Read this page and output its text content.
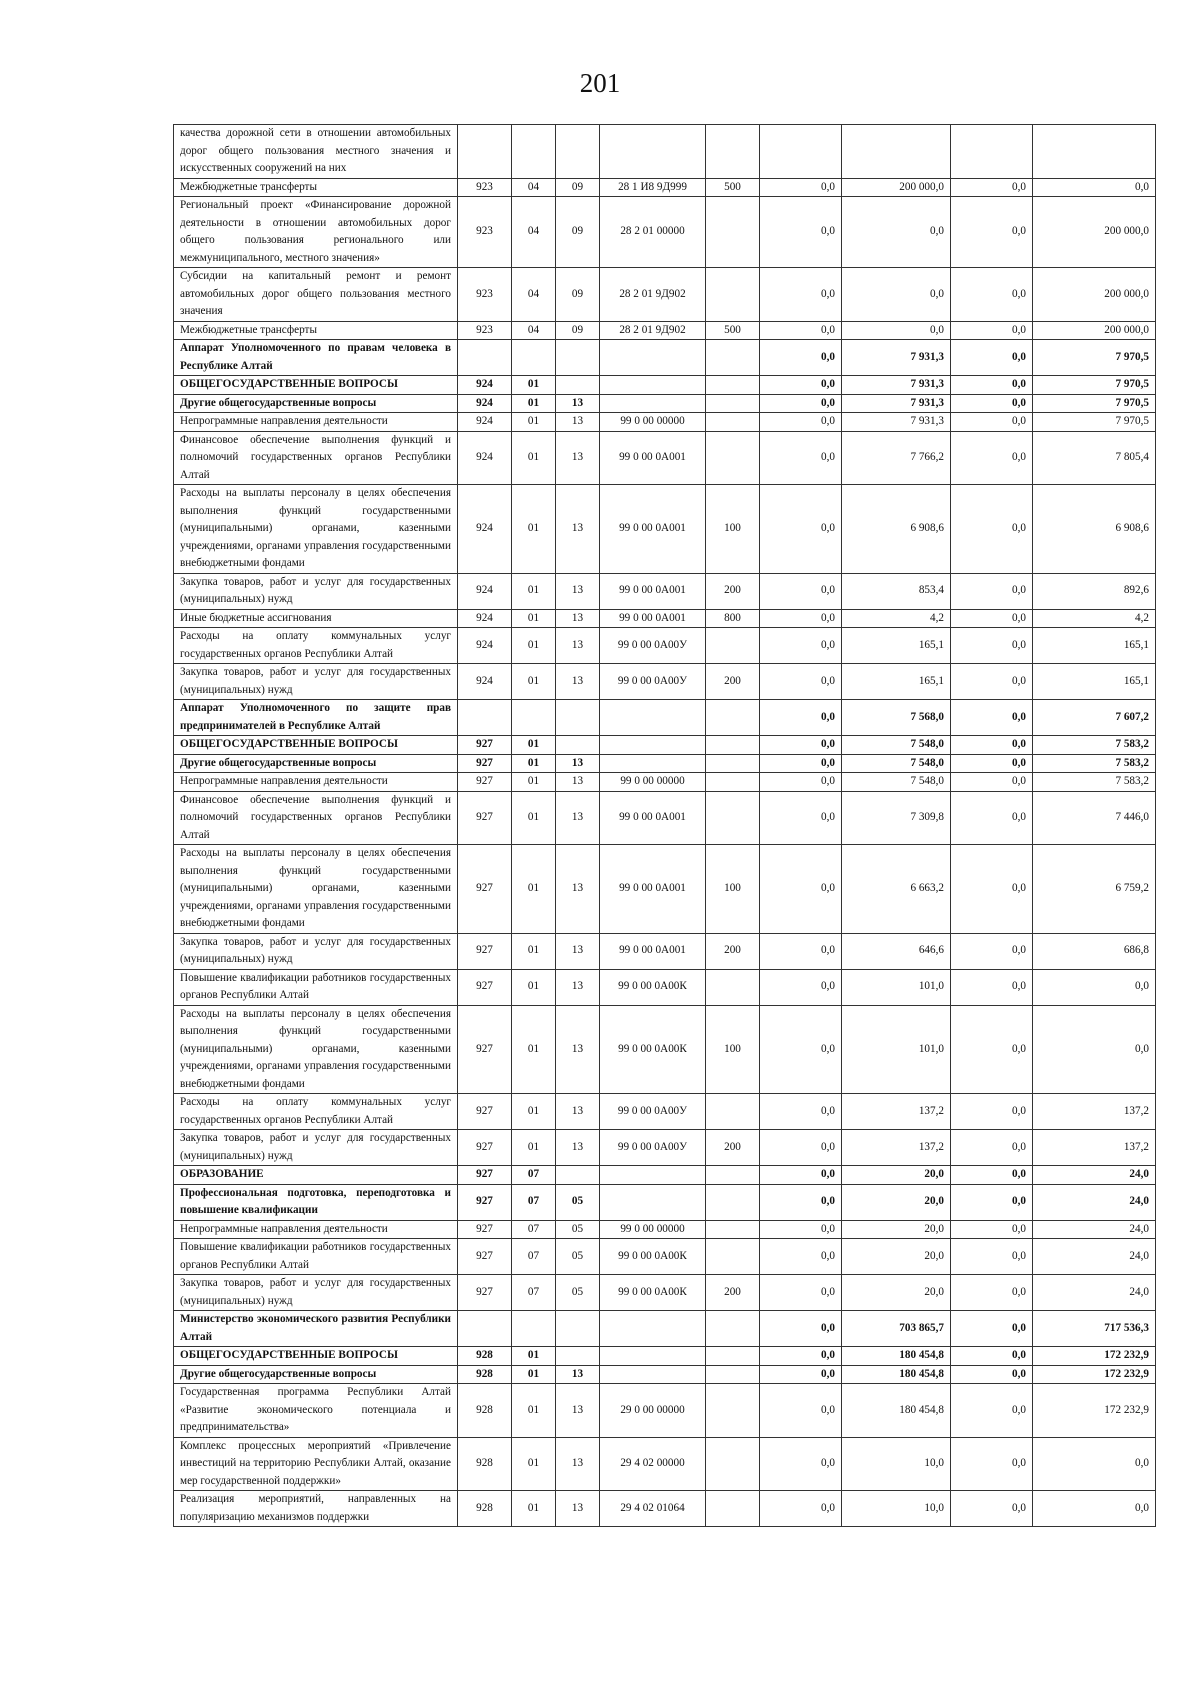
201
качества дорожной сети в отношении автомобильных дорог общего пользования местного значения и искусственных сооружений на них									
Межбюджетные трансферты	923	04	09	28 1 И8 9Д999	500	0,0	200 000,0	0,0	0,0
Региональный проект «Финансирование дорожной деятельности в отношении автомобильных дорог общего пользования регионального или межмуниципального, местного значения»	923	04	09	28 2 01 00000		0,0	0,0	0,0	200 000,0
Субсидии на капитальный ремонт и ремонт автомобильных дорог общего пользования местного значения	923	04	09	28 2 01 9Д902		0,0	0,0	0,0	200 000,0
Межбюджетные трансферты	923	04	09	28 2 01 9Д902	500	0,0	0,0	0,0	200 000,0
Аппарат Уполномоченного по правам человека в Республике Алтай						0,0	7 931,3	0,0	7 970,5
ОБЩЕГОСУДАРСТВЕННЫЕ ВОПРОСЫ	924	01				0,0	7 931,3	0,0	7 970,5
Другие общегосударственные вопросы	924	01	13			0,0	7 931,3	0,0	7 970,5
Непрограммные направления деятельности	924	01	13	99 0 00 00000		0,0	7 931,3	0,0	7 970,5
Финансовое обеспечение выполнения функций и полномочий государственных органов Республики Алтай	924	01	13	99 0 00 0А001		0,0	7 766,2	0,0	7 805,4
Расходы на выплаты персоналу в целях обеспечения выполнения функций государственными (муниципальными) органами, казенными учреждениями, органами управления государственными внебюджетными фондами	924	01	13	99 0 00 0А001	100	0,0	6 908,6	0,0	6 908,6
Закупка товаров, работ и услуг для государственных (муниципальных) нужд	924	01	13	99 0 00 0А001	200	0,0	853,4	0,0	892,6
Иные бюджетные ассигнования	924	01	13	99 0 00 0А001	800	0,0	4,2	0,0	4,2
Расходы на оплату коммунальных услуг государственных органов Республики Алтай	924	01	13	99 0 00 0А00У		0,0	165,1	0,0	165,1
Закупка товаров, работ и услуг для государственных (муниципальных) нужд	924	01	13	99 0 00 0А00У	200	0,0	165,1	0,0	165,1
Аппарат Уполномоченного по защите прав предпринимателей в Республике Алтай						0,0	7 568,0	0,0	7 607,2
ОБЩЕГОСУДАРСТВЕННЫЕ ВОПРОСЫ	927	01				0,0	7 548,0	0,0	7 583,2
Другие общегосударственные вопросы	927	01	13			0,0	7 548,0	0,0	7 583,2
Непрограммные направления деятельности	927	01	13	99 0 00 00000		0,0	7 548,0	0,0	7 583,2
Финансовое обеспечение выполнения функций и полномочий государственных органов Республики Алтай	927	01	13	99 0 00 0А001		0,0	7 309,8	0,0	7 446,0
Расходы на выплаты персоналу в целях обеспечения выполнения функций государственными (муниципальными) органами, казенными учреждениями, органами управления государственными внебюджетными фондами	927	01	13	99 0 00 0А001	100	0,0	6 663,2	0,0	6 759,2
Закупка товаров, работ и услуг для государственных (муниципальных) нужд	927	01	13	99 0 00 0А001	200	0,0	646,6	0,0	686,8
Повышение квалификации работников государственных органов Республики Алтай	927	01	13	99 0 00 0А00К		0,0	101,0	0,0	0,0
Расходы на выплаты персоналу в целях обеспечения выполнения функций государственными (муниципальными) органами, казенными учреждениями, органами управления государственными внебюджетными фондами	927	01	13	99 0 00 0А00К	100	0,0	101,0	0,0	0,0
Расходы на оплату коммунальных услуг государственных органов Республики Алтай	927	01	13	99 0 00 0А00У		0,0	137,2	0,0	137,2
Закупка товаров, работ и услуг для государственных (муниципальных) нужд	927	01	13	99 0 00 0А00У	200	0,0	137,2	0,0	137,2
ОБРАЗОВАНИЕ	927	07				0,0	20,0	0,0	24,0
Профессиональная подготовка, переподготовка и повышение квалификации	927	07	05			0,0	20,0	0,0	24,0
Непрограммные направления деятельности	927	07	05	99 0 00 00000		0,0	20,0	0,0	24,0
Повышение квалификации работников государственных органов Республики Алтай	927	07	05	99 0 00 0А00К		0,0	20,0	0,0	24,0
Закупка товаров, работ и услуг для государственных (муниципальных) нужд	927	07	05	99 0 00 0А00К	200	0,0	20,0	0,0	24,0
Министерство экономического развития Республики Алтай						0,0	703 865,7	0,0	717 536,3
ОБЩЕГОСУДАРСТВЕННЫЕ ВОПРОСЫ	928	01				0,0	180 454,8	0,0	172 232,9
Другие общегосударственные вопросы	928	01	13			0,0	180 454,8	0,0	172 232,9
Государственная программа Республики Алтай «Развитие экономического потенциала и предпринимательства»	928	01	13	29 0 00 00000		0,0	180 454,8	0,0	172 232,9
Комплекс процессных мероприятий «Привлечение инвестиций на территорию Республики Алтай, оказание мер государственной поддержки»	928	01	13	29 4 02 00000		0,0	10,0	0,0	0,0
Реализация мероприятий, направленных на популяризацию механизмов поддержки	928	01	13	29 4 02 01064		0,0	10,0	0,0	0,0
